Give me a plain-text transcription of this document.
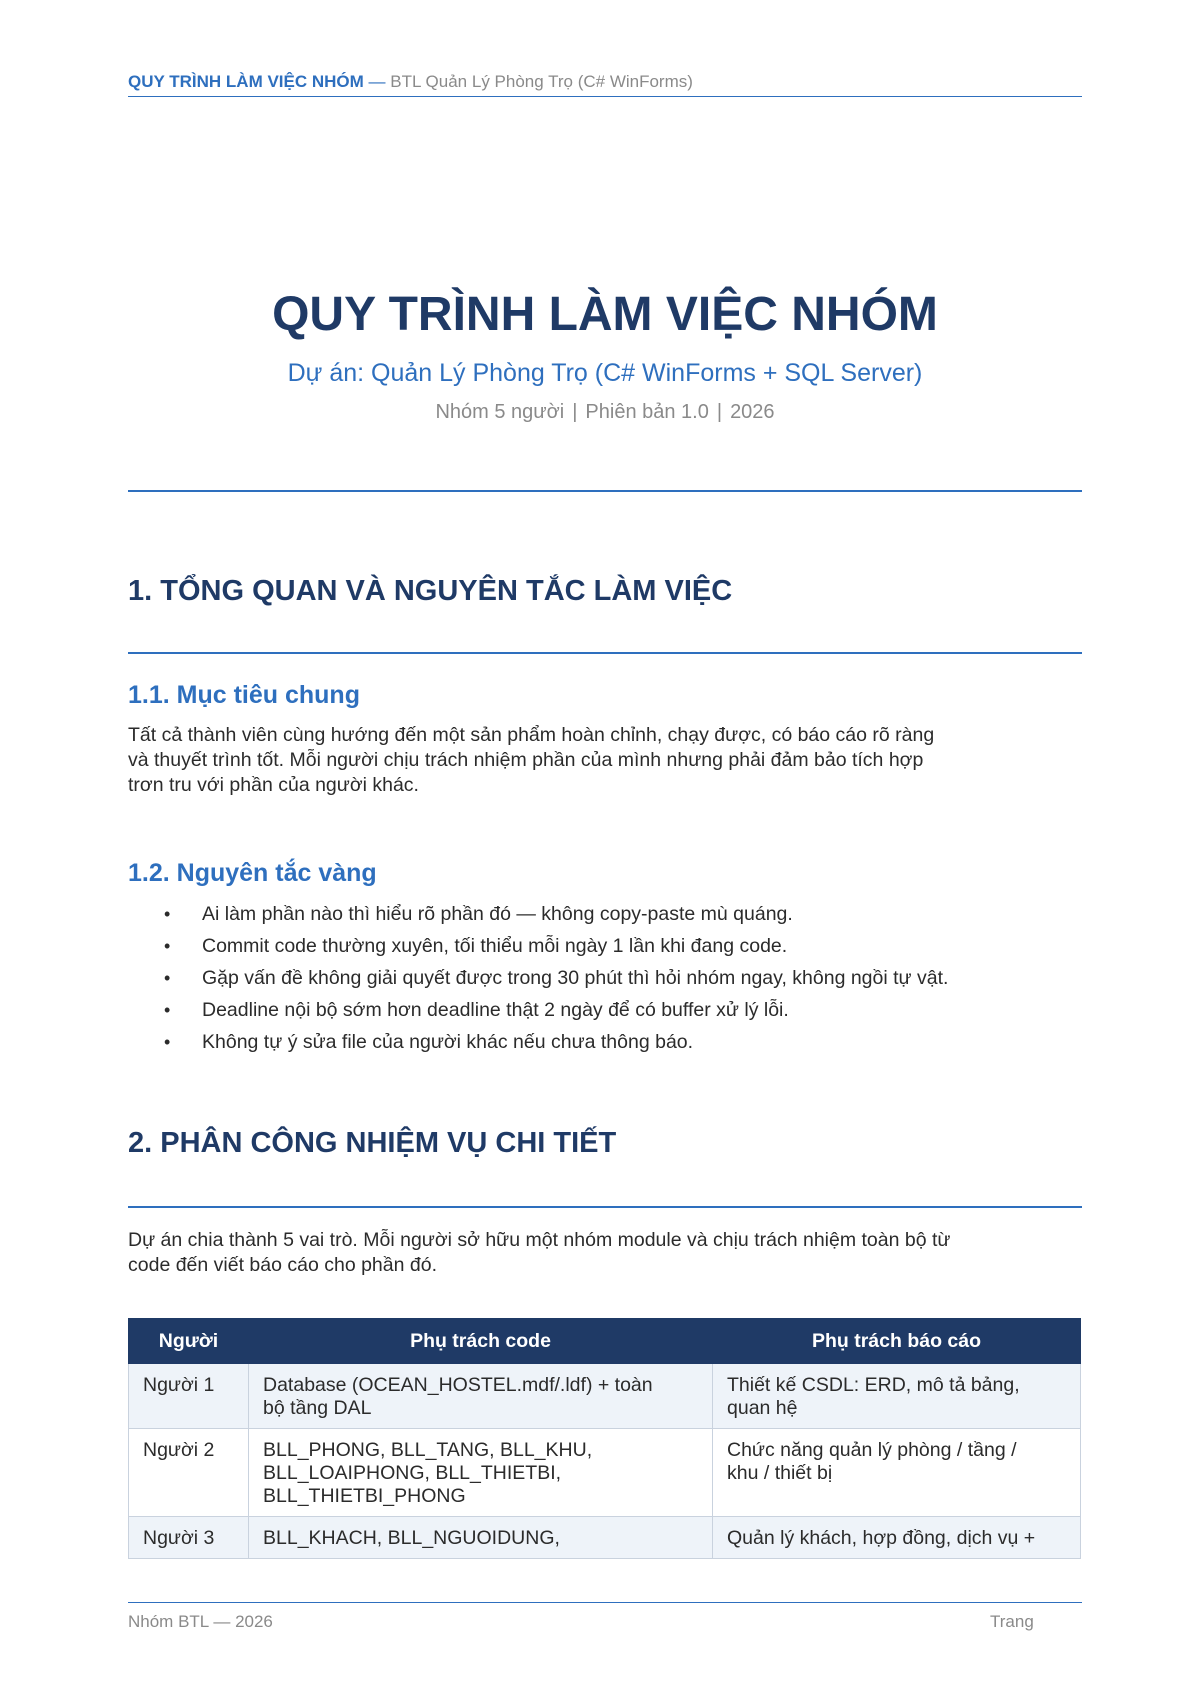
QUY TRÌNH LÀM VIỆC NHÓM — BTL Quản Lý Phòng Trọ (C# WinForms)
QUY TRÌNH LÀM VIỆC NHÓM
Dự án: Quản Lý Phòng Trọ (C# WinForms + SQL Server)
Nhóm 5 người | Phiên bản 1.0 | 2026
1. TỔNG QUAN VÀ NGUYÊN TẮC LÀM VIỆC
1.1. Mục tiêu chung

Tất cả thành viên cùng hướng đến một sản phẩm hoàn chỉnh, chạy được, có báo cáo rõ ràng
và thuyết trình tốt. Mỗi người chịu trách nhiệm phần của mình nhưng phải đảm bảo tích hợp
trơn tru với phần của người khác.

1.2. Nguyên tắc vàng
• Ai làm phần nào thì hiểu rõ phần đó — không copy-paste mù quáng.
• Commit code thường xuyên, tối thiểu mỗi ngày 1 lần khi đang code.
• Gặp vấn đề không giải quyết được trong 30 phút thì hỏi nhóm ngay, không ngồi tự vật.
• Deadline nội bộ sớm hơn deadline thật 2 ngày để có buffer xử lý lỗi.
• Không tự ý sửa file của người khác nếu chưa thông báo.
2. PHÂN CÔNG NHIỆM VỤ CHI TIẾT

Dự án chia thành 5 vai trò. Mỗi người sở hữu một nhóm module và chịu trách nhiệm toàn bộ từ
code đến viết báo cáo cho phần đó.

Người	Phụ trách code	Phụ trách báo cáo
Người 1	Database (OCEAN_HOSTEL.mdf/.ldf) + toàn
bộ tầng DAL	Thiết kế CSDL: ERD, mô tả bảng,
quan hệ
Người 2	BLL_PHONG, BLL_TANG, BLL_KHU,
BLL_LOAIPHONG, BLL_THIETBI,
BLL_THIETBI_PHONG	Chức năng quản lý phòng / tầng /
khu / thiết bị
Người 3	BLL_KHACH, BLL_NGUOIDUNG,	Quản lý khách, hợp đồng, dịch vụ +
Nhóm BTL — 2026	Trang
